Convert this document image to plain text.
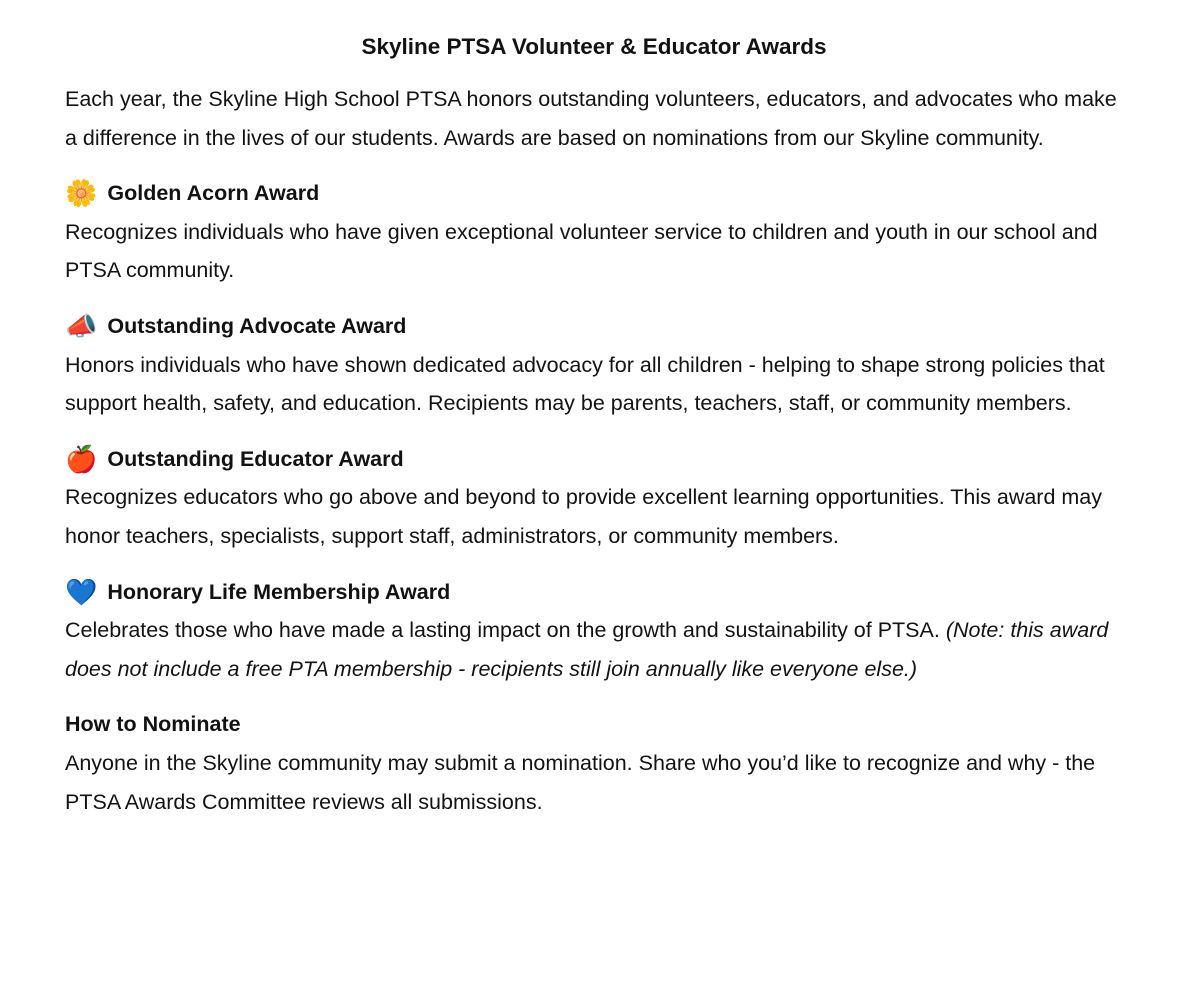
Skyline PTSA Volunteer & Educator Awards

Each year, the Skyline High School PTSA honors outstanding volunteers, educators, and advocates who make a difference in the lives of our students. Awards are based on nominations from our Skyline community.

🌼 Golden Acorn Award

Recognizes individuals who have given exceptional volunteer service to children and youth in our school and PTSA community.

📣 Outstanding Advocate Award

Honors individuals who have shown dedicated advocacy for all children - helping to shape strong policies that support health, safety, and education. Recipients may be parents, teachers, staff, or community members.

🍎 Outstanding Educator Award

Recognizes educators who go above and beyond to provide excellent learning opportunities. This award may honor teachers, specialists, support staff, administrators, or community members.

💙 Honorary Life Membership Award

Celebrates those who have made a lasting impact on the growth and sustainability of PTSA. (Note: this award does not include a free PTA membership - recipients still join annually like everyone else.)

How to Nominate

Anyone in the Skyline community may submit a nomination. Share who you’d like to recognize and why - the PTSA Awards Committee reviews all submissions.
